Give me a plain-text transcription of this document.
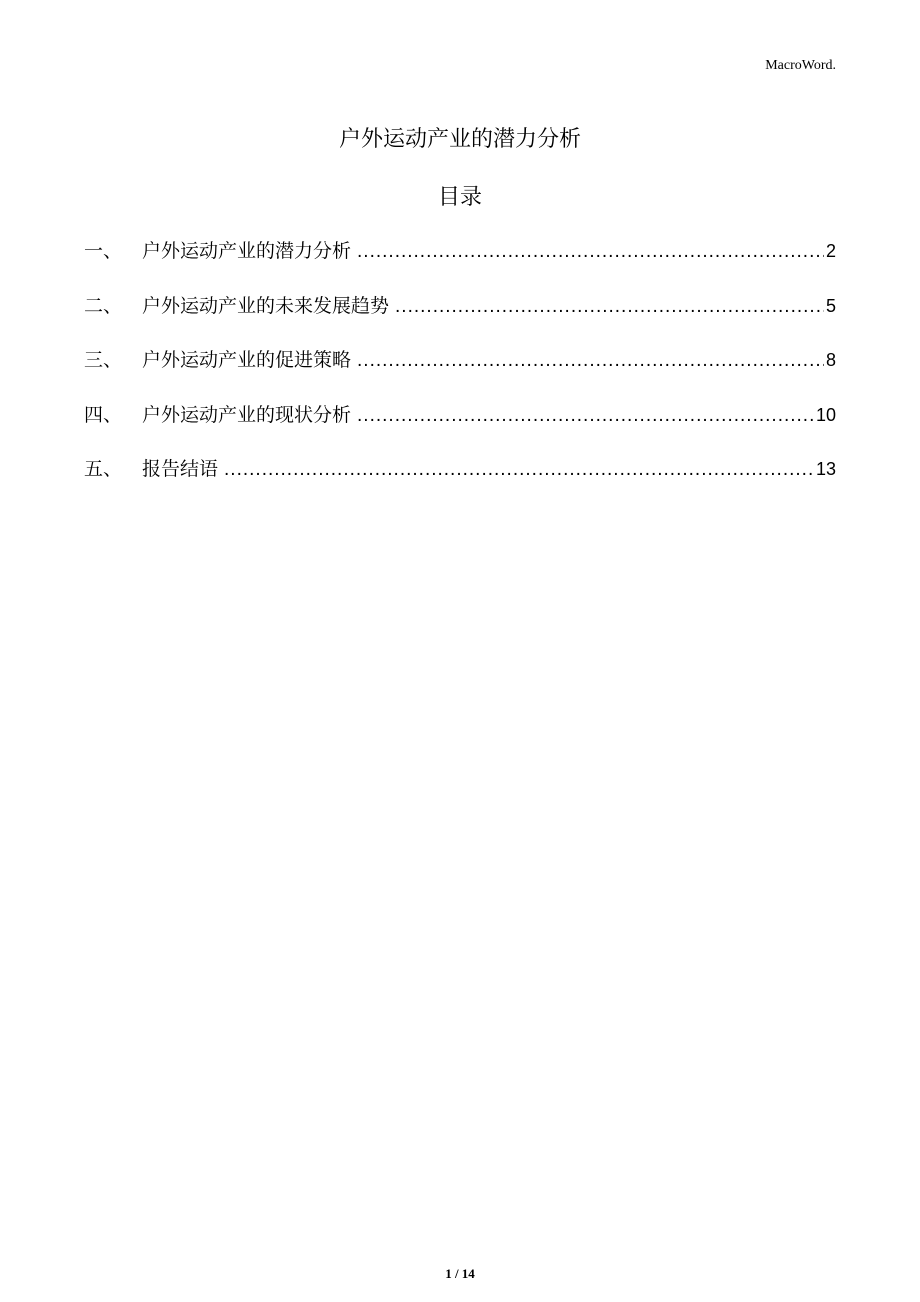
MacroWord.
户外运动产业的潜力分析
目录
一、	户外运动产业的潜力分析 .....	2
二、	户外运动产业的未来发展趋势 .....	5
三、	户外运动产业的促进策略 .....	8
四、	户外运动产业的现状分析 .....	10
五、	报告结语 .....	13
1 / 14
